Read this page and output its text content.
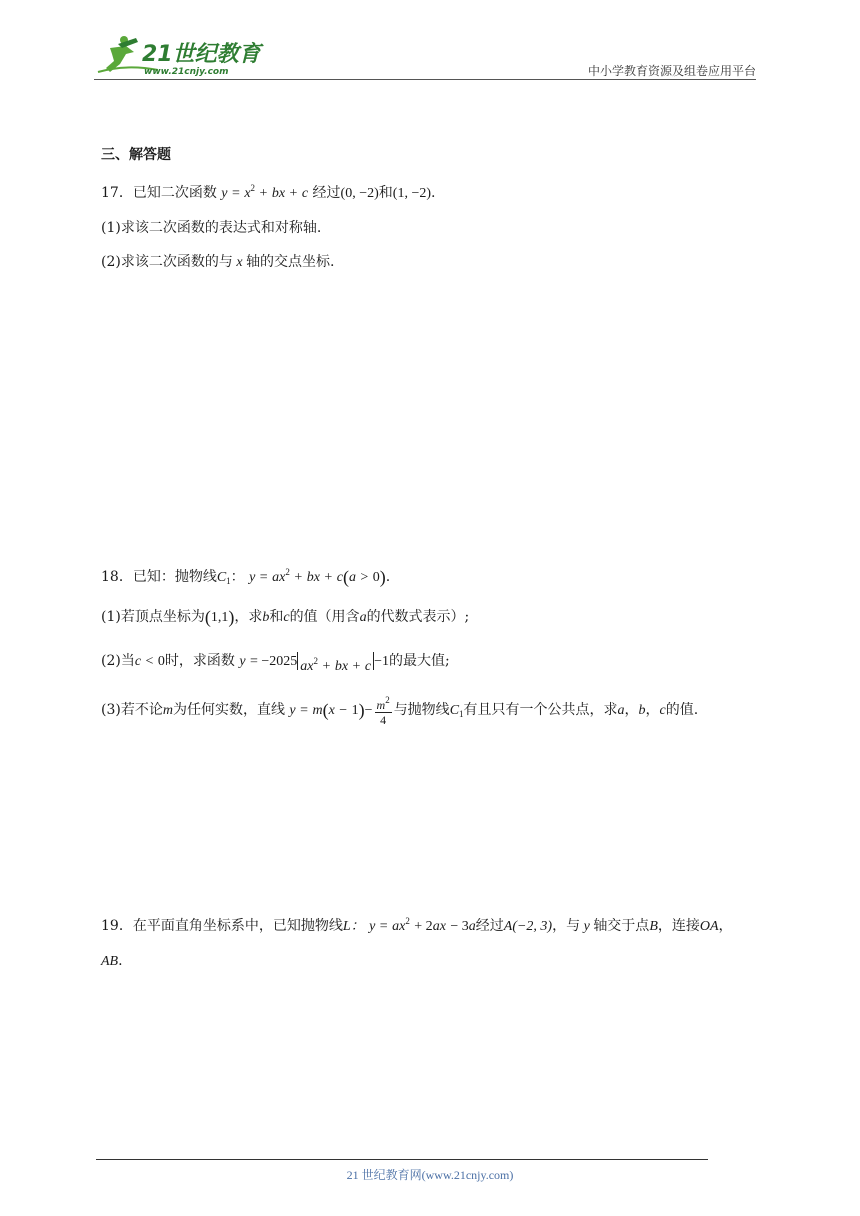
21世纪教育
www.21cnjy.com	中小学教育资源及组卷应用平台
三、解答题
17．已知二次函数 $y = x^2$ + bx + c 经过(0, −2)和(1, −2).
(1)求该二次函数的表达式和对称轴.
(2)求该二次函数的与 x 轴的交点坐标.
18．已知：抛物线$C_1$： $y = ax^2$ + bx + c(a > 0).
(1)若顶点坐标为(1,1)，求b和c的值（用含a的代数式表示）;
(2)当c < 0时，求函数 y = −2025 $ax^2$ + bx + c −1的最大值;
(3)若不论m为任何实数，直线 $y = m(x - 1)- \frac{m^2}{4}$ 与抛物线$C_1$有且只有一个公共点，求a，b，c的值.
19．在平面直角坐标系中，已知抛物线L： $y = ax^2 + 2ax - 3a$经过A(−2, 3)，与 y 轴交于点B，连接OA，
AB.
21 世纪教育网(www.21cnjy.com)
